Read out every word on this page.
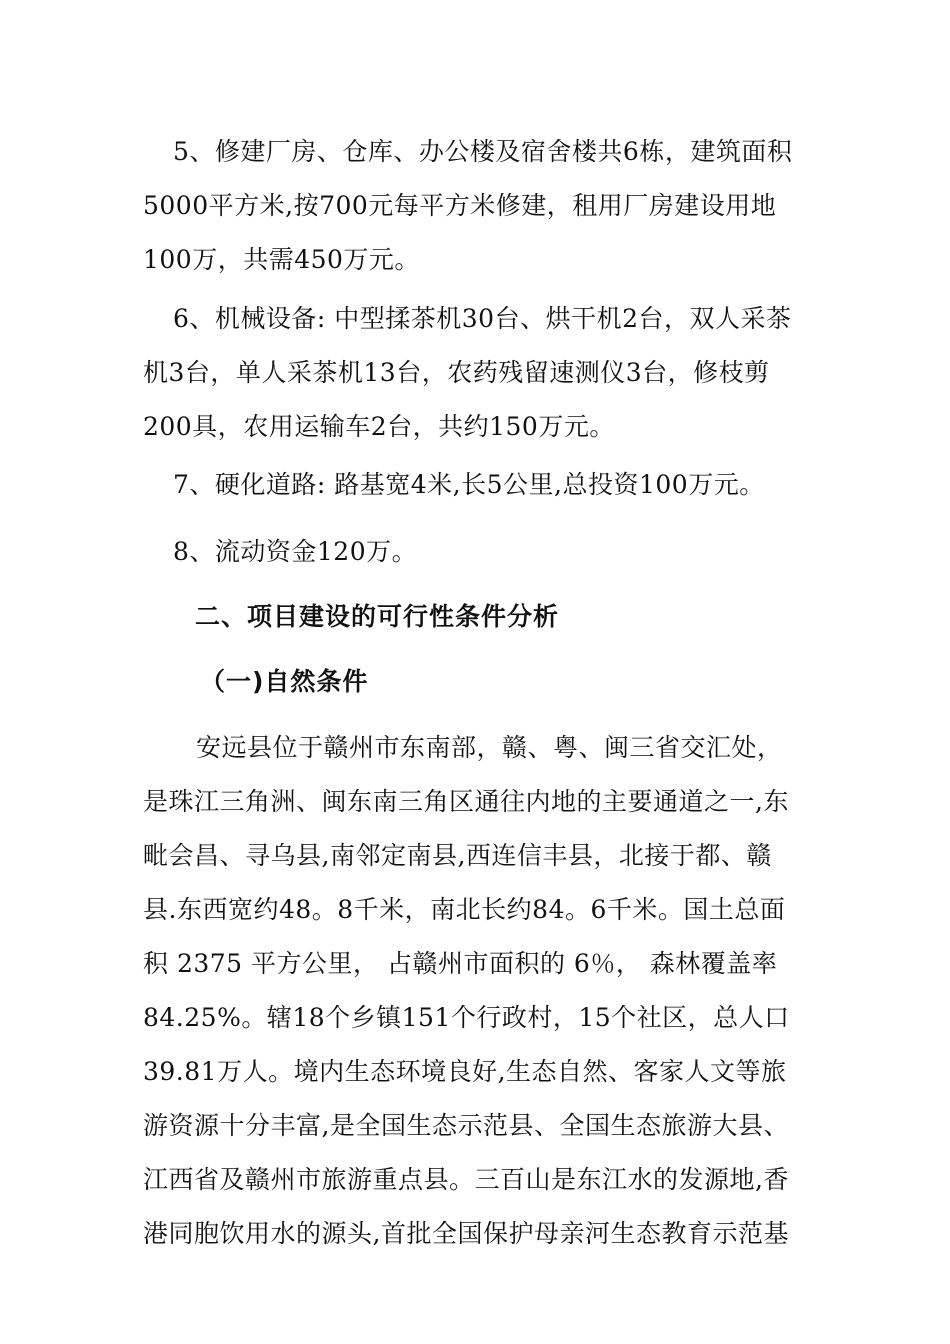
5、修建厂房、仓库、办公楼及宿舍楼共6栋，建筑面积
5000平方米,按700元每平方米修建，租用厂房建设用地
100万，共需450万元。
6、机械设备: 中型揉茶机30台、烘干机2台，双人采茶
机3台，单人采茶机13台，农药残留速测仪3台，修枝剪
200具，农用运输车2台，共约150万元。
7、硬化道路: 路基宽4米,长5公里,总投资100万元。
8、流动资金120万。
二、项目建设的可行性条件分析
（一)自然条件
安远县位于赣州市东南部，赣、粤、闽三省交汇处，
是珠江三角洲、闽东南三角区通往内地的主要通道之一,东
毗会昌、寻乌县,南邻定南县,西连信丰县，北接于都、赣
县.东西宽约48。8千米，南北长约84。6千米。国土总面
积 2375 平方公里， 占赣州市面积的 6％， 森林覆盖率
84.25%。辖18个乡镇151个行政村，15个社区，总人口
39.81万人。境内生态环境良好,生态自然、客家人文等旅
游资源十分丰富,是全国生态示范县、全国生态旅游大县、
江西省及赣州市旅游重点县。三百山是东江水的发源地,香
港同胞饮用水的源头,首批全国保护母亲河生态教育示范基
